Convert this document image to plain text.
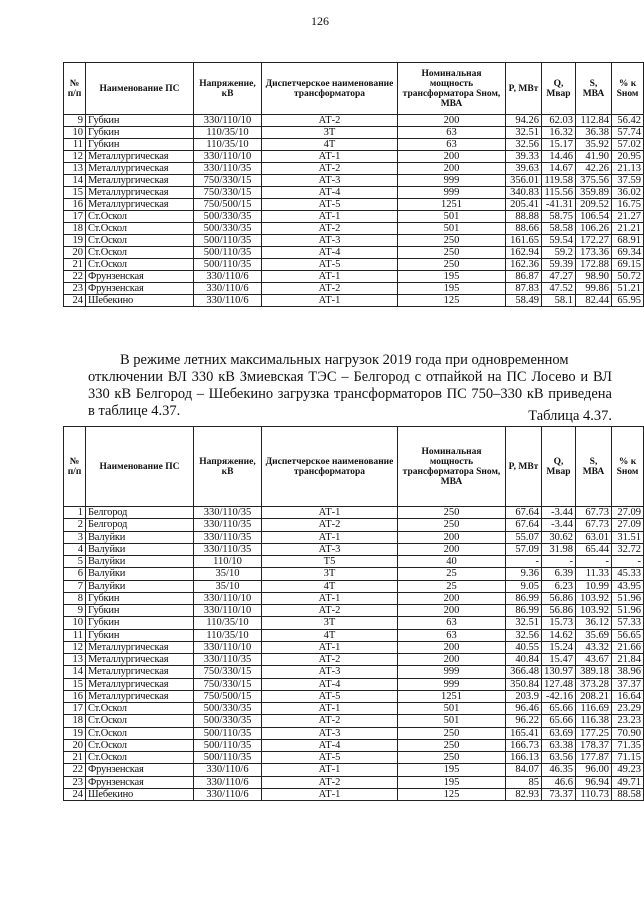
126
№ п/п	Наименование ПС	Напряжение, кВ	Диспетчерское наименование трансформатора	Номинальная мощность трансформатора Sном, МВА	P, МВт	Q, Мвар	S, МВА	% к Sном
9	Губкин	330/110/10	АТ-2	200	94.26	62.03	112.84	56.42
10	Губкин	110/35/10	3Т	63	32.51	16.32	36.38	57.74
11	Губкин	110/35/10	4Т	63	32.56	15.17	35.92	57.02
12	Металлургическая	330/110/10	АТ-1	200	39.33	14.46	41.90	20.95
13	Металлургическая	330/110/35	АТ-2	200	39.63	14.67	42.26	21.13
14	Металлургическая	750/330/15	АТ-3	999	356.01	119.58	375.56	37.59
15	Металлургическая	750/330/15	АТ-4	999	340.83	115.56	359.89	36.02
16	Металлургическая	750/500/15	АТ-5	1251	205.41	-41.31	209.52	16.75
17	Ст.Оскол	500/330/35	АТ-1	501	88.88	58.75	106.54	21.27
18	Ст.Оскол	500/330/35	АТ-2	501	88.66	58.58	106.26	21.21
19	Ст.Оскол	500/110/35	АТ-3	250	161.65	59.54	172.27	68.91
20	Ст.Оскол	500/110/35	АТ-4	250	162.94	59.2	173.36	69.34
21	Ст.Оскол	500/110/35	АТ-5	250	162.36	59.39	172.88	69.15
22	Фрунзенская	330/110/6	АТ-1	195	86.87	47.27	98.90	50.72
23	Фрунзенская	330/110/6	АТ-2	195	87.83	47.52	99.86	51.21
24	Шебекино	330/110/6	АТ-1	125	58.49	58.1	82.44	65.95
В режиме летних максимальных нагрузок 2019 года при одновременном
отключении ВЛ 330 кВ Змиевская ТЭС – Белгород с отпайкой на ПС Лосево и ВЛ 330 кВ Белгород – Шебекино загрузка трансформаторов ПС 750–330 кВ приведена в таблице 4.37.	Таблица 4.37.
№ п/п	Наименование ПС	Напряжение, кВ	Диспетчерское наименование трансформатора	Номинальная мощность трансформатора Sном, МВА	P, МВт	Q, Мвар	S, МВА	% к Sном
1	Белгород	330/110/35	АТ-1	250	67.64	-3.44	67.73	27.09
2	Белгород	330/110/35	АТ-2	250	67.64	-3.44	67.73	27.09
3	Валуйки	330/110/35	АТ-1	200	55.07	30.62	63.01	31.51
4	Валуйки	330/110/35	АТ-3	200	57.09	31.98	65.44	32.72
5	Валуйки	110/10	Т5	40	-	-	-	-
6	Валуйки	35/10	3Т	25	9.36	6.39	11.33	45.33
7	Валуйки	35/10	4Т	25	9.05	6.23	10.99	43.95
8	Губкин	330/110/10	АТ-1	200	86.99	56.86	103.92	51.96
9	Губкин	330/110/10	АТ-2	200	86.99	56.86	103.92	51.96
10	Губкин	110/35/10	3Т	63	32.51	15.73	36.12	57.33
11	Губкин	110/35/10	4Т	63	32.56	14.62	35.69	56.65
12	Металлургическая	330/110/10	АТ-1	200	40.55	15.24	43.32	21.66
13	Металлургическая	330/110/35	АТ-2	200	40.84	15.47	43.67	21.84
14	Металлургическая	750/330/15	АТ-3	999	366.48	130.97	389.18	38.96
15	Металлургическая	750/330/15	АТ-4	999	350.84	127.48	373.28	37.37
16	Металлургическая	750/500/15	АТ-5	1251	203.9	-42.16	208.21	16.64
17	Ст.Оскол	500/330/35	АТ-1	501	96.46	65.66	116.69	23.29
18	Ст.Оскол	500/330/35	АТ-2	501	96.22	65.66	116.38	23.23
19	Ст.Оскол	500/110/35	АТ-3	250	165.41	63.69	177.25	70.90
20	Ст.Оскол	500/110/35	АТ-4	250	166.73	63.38	178.37	71.35
21	Ст.Оскол	500/110/35	АТ-5	250	166.13	63.56	177.87	71.15
22	Фрунзенская	330/110/6	АТ-1	195	84.07	46.35	96.00	49.23
23	Фрунзенская	330/110/6	АТ-2	195	85	46.6	96.94	49.71
24	Шебекино	330/110/6	АТ-1	125	82.93	73.37	110.73	88.58
